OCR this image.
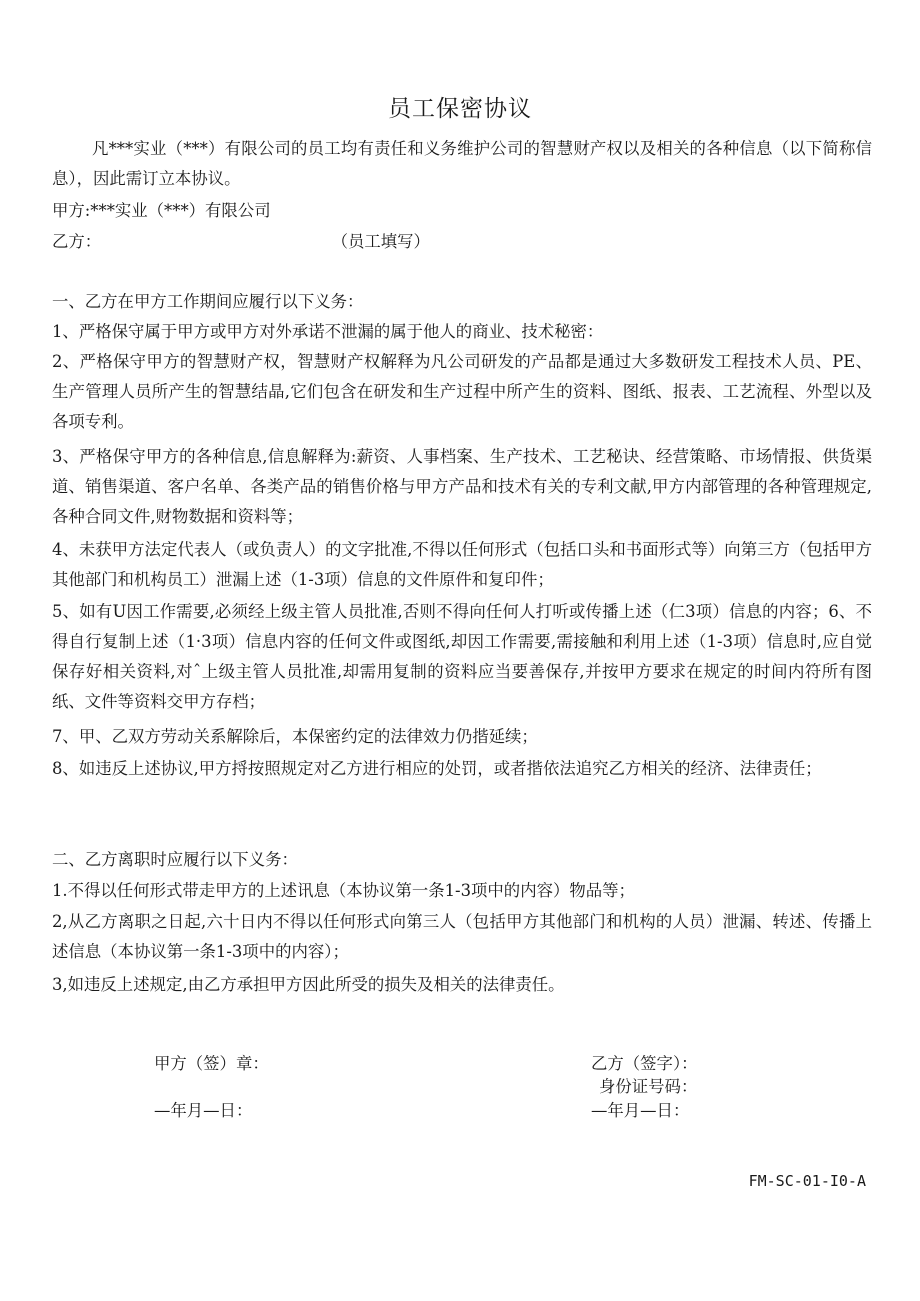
员工保密协议

凡***实业（***）有限公司的员工均有责任和义务维护公司的智慧财产权以及相关的各种信息（以下简称信息），因此需订立本协议。

甲方:***实业（***）有限公司
乙方：	（员工填写）
一、乙方在甲方工作期间应履行以下义务：

1、严格保守属于甲方或甲方对外承诺不泄漏的属于他人的商业、技术秘密：

2、严格保守甲方的智慧财产权，智慧财产权解释为凡公司研发的产品都是通过大多数研发工程技术人员、PE、生产管理人员所产生的智慧结晶,它们包含在研发和生产过程中所产生的资料、图纸、报表、工艺流程、外型以及各项专利。

3、严格保守甲方的各种信息,信息解释为:薪资、人事档案、生产技术、工艺秘诀、经营策略、市场情报、供货渠道、销售渠道、客户名单、各类产品的销售价格与甲方产品和技术有关的专利文献,甲方内部管理的各种管理规定,各种合同文件,财物数据和资料等；

4、未获甲方法定代表人（或负责人）的文字批准,不得以任何形式（包括口头和书面形式等）向第三方（包括甲方其他部门和机构员工）泄漏上述（1-3项）信息的文件原件和复印件；

5、如有U因工作需要,必须经上级主管人员批准,否则不得向任何人打听或传播上述（仁3项）信息的内容；6、不得自行复制上述（1·3项）信息内容的任何文件或图纸,却因工作需要,需接触和利用上述（1-3项）信息时,应自觉保存好相关资料,对ˆ上级主管人员批准,却需用复制的资料应当要善保存,并按甲方要求在规定的时间内符所有图纸、文件等资料交甲方存档；

7、甲、乙双方劳动关系解除后，本保密约定的法律效力仍揩延续；

8、如违反上述协议,甲方捋按照规定对乙方进行相应的处罚，或者揩依法追究乙方相关的经济、法律责任；

二、乙方离职时应履行以下义务：

1.不得以任何形式带走甲方的上述讯息（本协议第一条1-3项中的内容）物品等；

2,从乙方离职之日起,六十日内不得以任何形式向第三人（包括甲方其他部门和机构的人员）泄漏、转述、传播上述信息（本协议第一条1-3项中的内容）；

3,如违反上述规定,由乙方承担甲方因此所受的损失及相关的法律责任。

甲方（签）章：
—年月—日：
乙方（签字）：
身份证号码：
—年月—日：
FM-SC-01-I0-A
